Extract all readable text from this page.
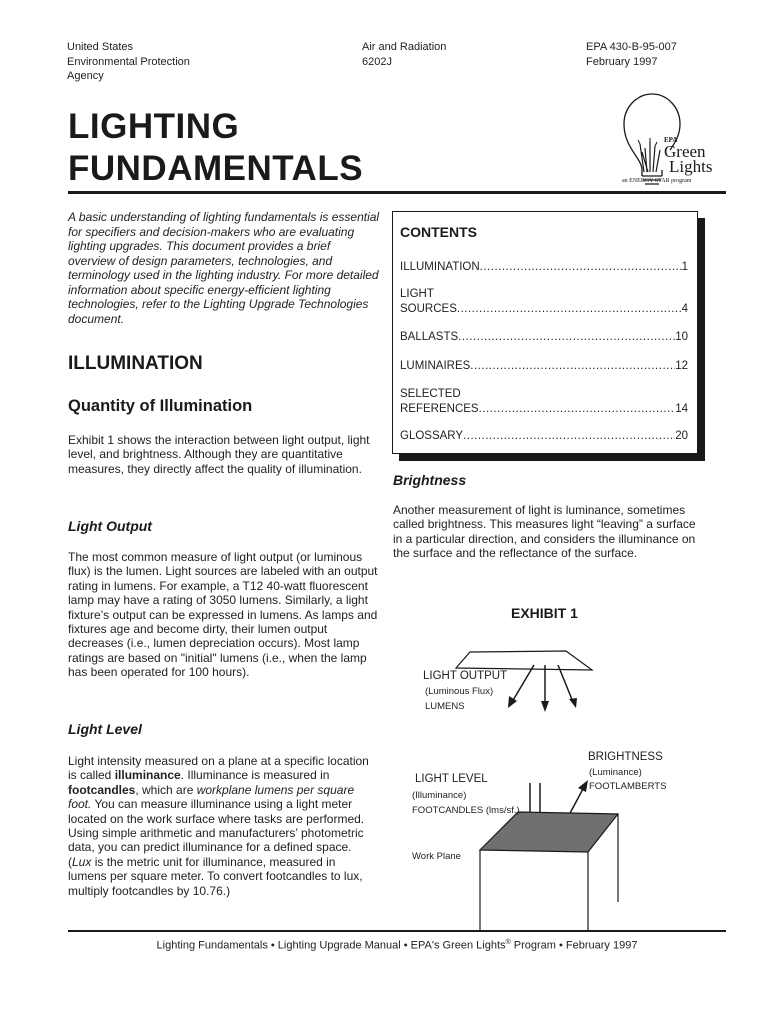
United States
Environmental Protection
Agency
Air and Radiation
6202J
EPA 430-B-95-007
February 1997
LIGHTING
FUNDAMENTALS
EPA
Green
Lights
an ENERGY STAR program
A basic understanding of lighting fundamentals is essential for specifiers and decision-makers who are evaluating lighting upgrades. This document provides a brief overview of design parameters, technologies, and terminology used in the lighting industry. For more detailed information about specific energy-efficient lighting technologies, refer to the Lighting Upgrade Technologies document.
CONTENTS
ILLUMINATION .....	1
LIGHT
SOURCES .....	4
BALLASTS .....	10
LUMINAIRES .....	12
SELECTED
REFERENCES .....	14
GLOSSARY .....	20
ILLUMINATION
Quantity of Illumination
Exhibit 1 shows the interaction between light output, light level, and brightness. Although they are quantitative measures, they directly affect the quality of illumination.
Light Output
The most common measure of light output (or luminous flux) is the lumen. Light sources are labeled with an output rating in lumens. For example, a T12 40-watt fluorescent lamp may have a rating of 3050 lumens. Similarly, a light fixture’s output can be expressed in lumens. As lamps and fixtures age and become dirty, their lumen output decreases (i.e., lumen depreciation occurs). Most lamp ratings are based on "initial" lumens (i.e., when the lamp has been operated for 100 hours).
Light Level
Light intensity measured on a plane at a specific location is called illuminance. Illuminance is measured in footcandles, which are workplane lumens per square foot. You can measure illuminance using a light meter located on the work surface where tasks are performed. Using simple arithmetic and manufacturers’ photometric data, you can predict illuminance for a defined space. (Lux is the metric unit for illuminance, measured in lumens per square meter. To convert footcandles to lux, multiply footcandles by 10.76.)
Brightness
Another measurement of light is luminance, sometimes called brightness. This measures light “leaving” a surface in a particular direction, and considers the illuminance on the surface and the reflectance of the surface.
EXHIBIT 1
LIGHT OUTPUT
(Luminous Flux)
LUMENS
BRIGHTNESS
(Luminance)
FOOTLAMBERTS
LIGHT LEVEL
(Illuminance)
FOOTCANDLES (lms/sf.)
Work Plane
Lighting Fundamentals • Lighting Upgrade Manual • EPA's Green Lights® Program • February 1997
